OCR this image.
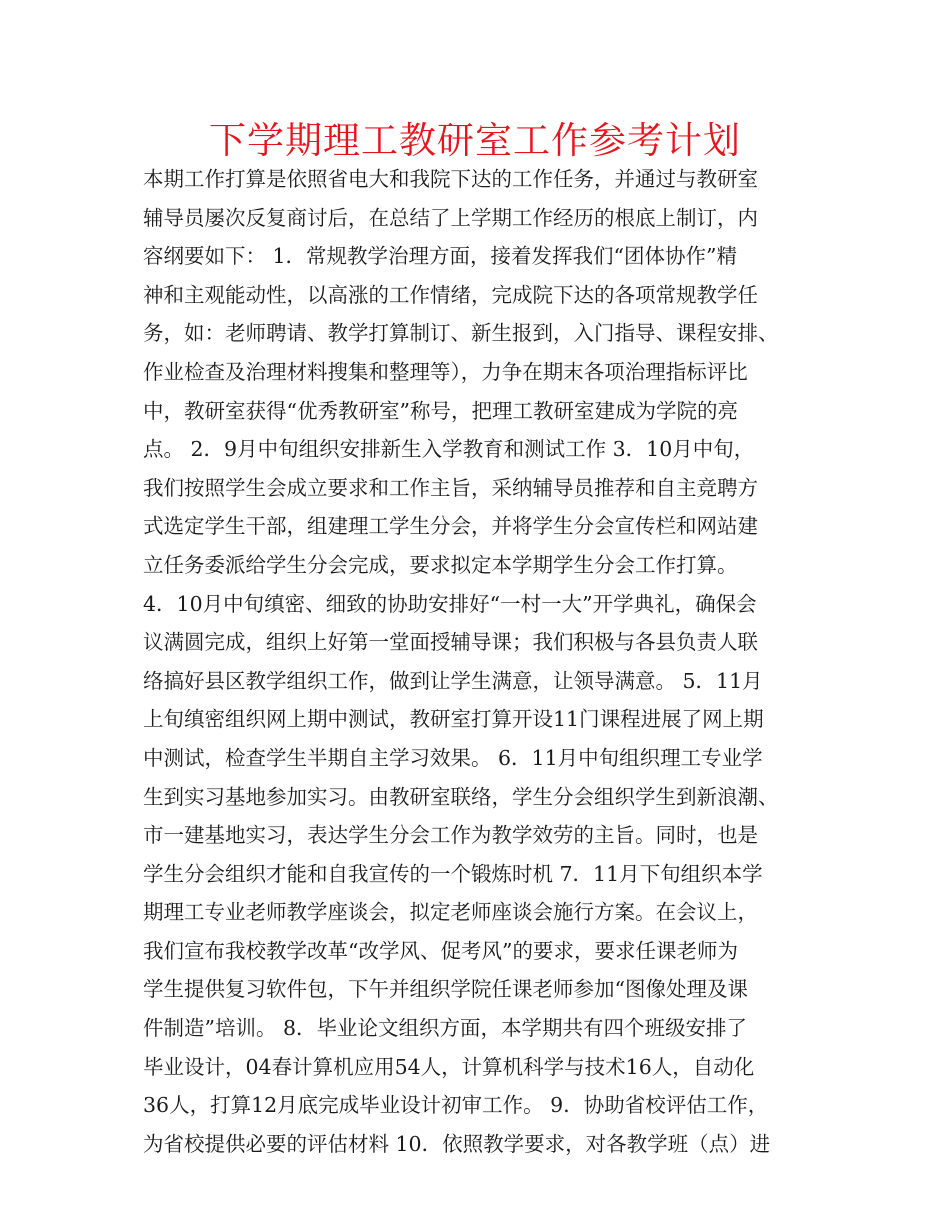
下学期理工教研室工作参考计划
本期工作打算是依照省电大和我院下达的工作任务，并通过与教研室
辅导员屡次反复商讨后，在总结了上学期工作经历的根底上制订，内
容纲要如下： 1．常规教学治理方面，接着发挥我们“团体协作”精
神和主观能动性，以高涨的工作情绪，完成院下达的各项常规教学任
务，如：老师聘请、教学打算制订、新生报到，入门指导、课程安排、
作业检查及治理材料搜集和整理等），力争在期末各项治理指标评比
中，教研室获得“优秀教研室”称号，把理工教研室建成为学院的亮
点。 2．9月中旬组织安排新生入学教育和测试工作 3．10月中旬，
我们按照学生会成立要求和工作主旨，采纳辅导员推荐和自主竞聘方
式选定学生干部，组建理工学生分会，并将学生分会宣传栏和网站建
立任务委派给学生分会完成，要求拟定本学期学生分会工作打算。
4．10月中旬缜密、细致的协助安排好“一村一大”开学典礼，确保会
议满圆完成，组织上好第一堂面授辅导课；我们积极与各县负责人联
络搞好县区教学组织工作，做到让学生满意，让领导满意。 5．11月
上旬缜密组织网上期中测试，教研室打算开设11门课程进展了网上期
中测试，检查学生半期自主学习效果。 6．11月中旬组织理工专业学
生到实习基地参加实习。由教研室联络，学生分会组织学生到新浪潮、
市一建基地实习，表达学生分会工作为教学效劳的主旨。同时，也是
学生分会组织才能和自我宣传的一个锻炼时机 7．11月下旬组织本学
期理工专业老师教学座谈会，拟定老师座谈会施行方案。在会议上，
我们宣布我校教学改革“改学风、促考风”的要求，要求任课老师为
学生提供复习软件包，下午并组织学院任课老师参加“图像处理及课
件制造”培训。 8．毕业论文组织方面，本学期共有四个班级安排了
毕业设计，04春计算机应用54人，计算机科学与技术16人，自动化
36人，打算12月底完成毕业设计初审工作。 9．协助省校评估工作，
为省校提供必要的评估材料 10．依照教学要求，对各教学班（点）进
